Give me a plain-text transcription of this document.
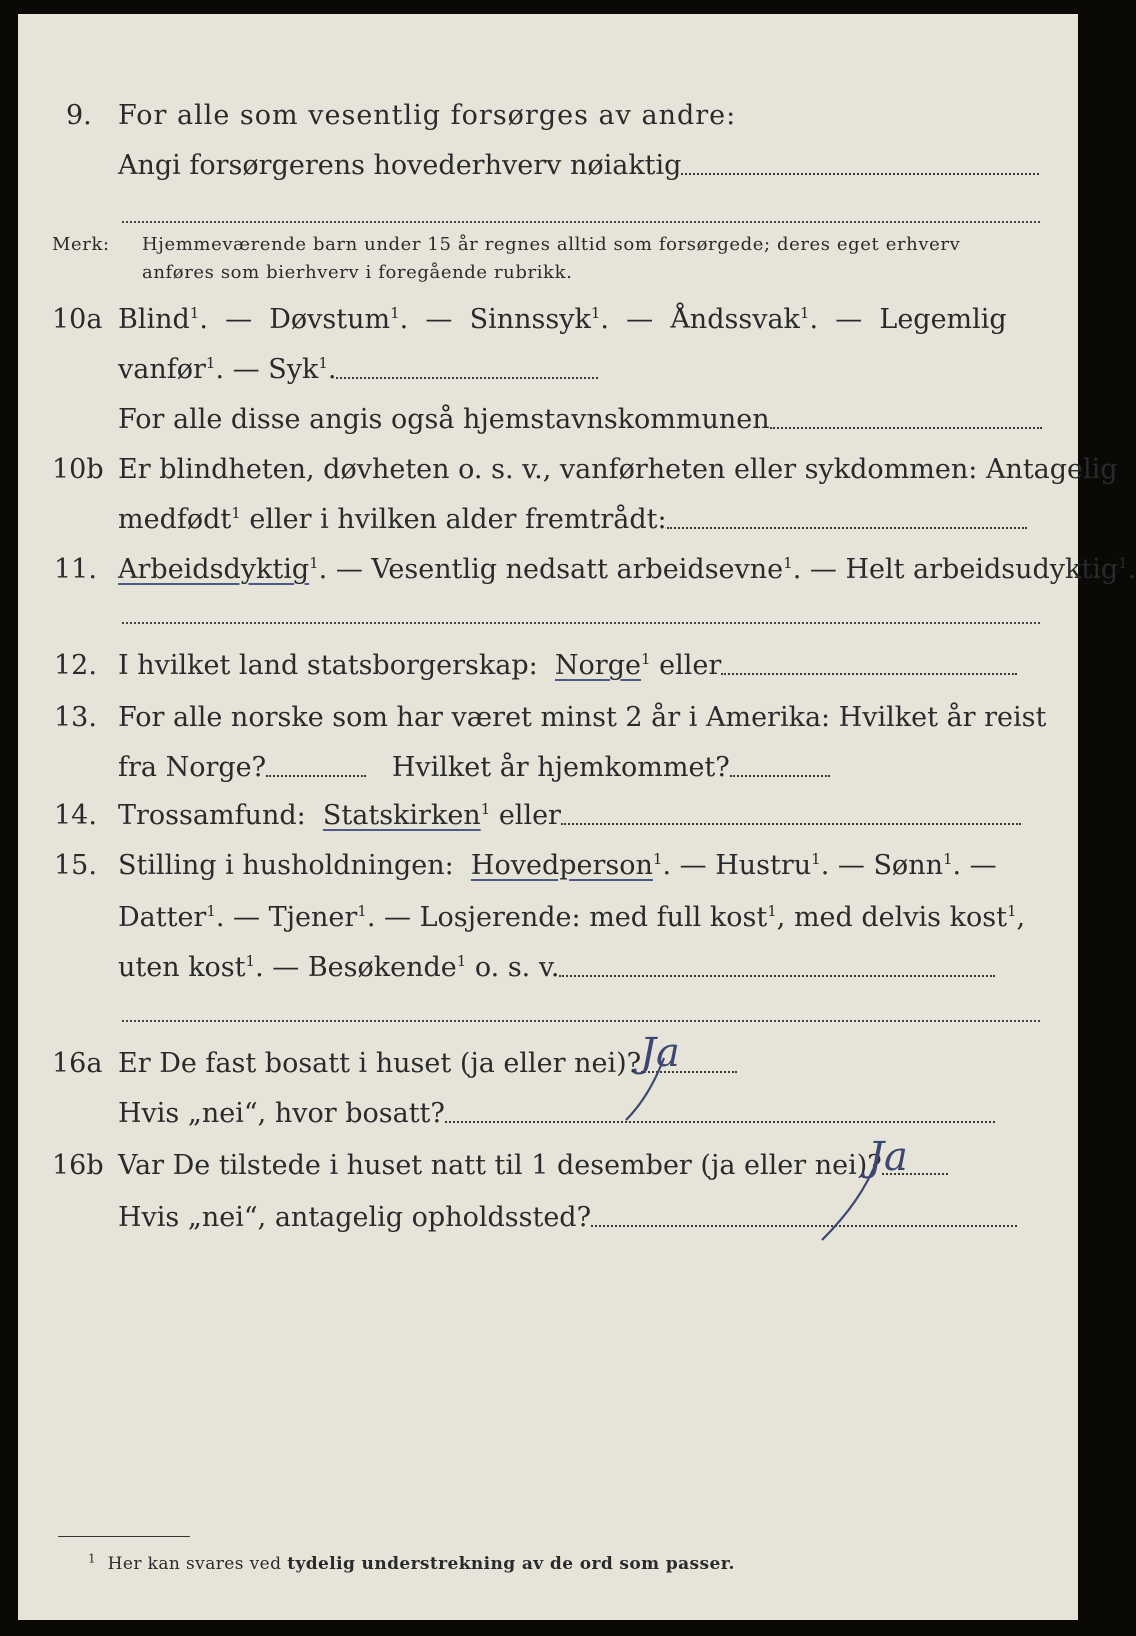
9. For alle som vesentlig forsørges av andre:
Angi forsørgerens hovederhverv nøiaktig
Merk: Hjemmeværende barn under 15 år regnes alltid som forsørgede; deres eget erhverv
anføres som bierhverv i foregående rubrikk.
10a Blind$^1$.  —  Døvstum$^1$.  —  Sinnssyk$^1$.  —  Åndssvak$^1$.  —  Legemlig
vanfør$^1$. — Syk$^1$.
For alle disse angis også hjemstavnskommunen
10b Er blindheten, døvheten o. s. v., vanførheten eller sykdommen: Antagelig
medfødt$^1$ eller i hvilken alder fremtrådt:
11. Arbeidsdyktig$^1$. — Vesentlig nedsatt arbeidsevne$^1$. — Helt arbeidsudyktig$^1$.
12. I hvilket land statsborgerskap: Norge$^1$ eller
13. For alle norske som har været minst 2 år i Amerika: Hvilket år reist
fra Norge?	Hvilket år hjemkommet?
14. Trossamfund: Statskirken$^1$ eller
15. Stilling i husholdningen: Hovedperson$^1$. — Hustru$^1$. — Sønn$^1$. —
Datter$^1$. — Tjener$^1$. — Losjerende: med full kost$^1$, med delvis kost$^1$,
uten kost$^1$. — Besøkende$^1$ o. s. v.
16a Er De fast bosatt i huset (ja eller nei)?
Ja
Hvis „nei“, hvor bosatt?
16b Var De tilstede i huset natt til 1 desember (ja eller nei)?
Ja
Hvis „nei“, antagelig opholdssted?
$^1$ Her kan svares ved tydelig understrekning av de ord som passer.
